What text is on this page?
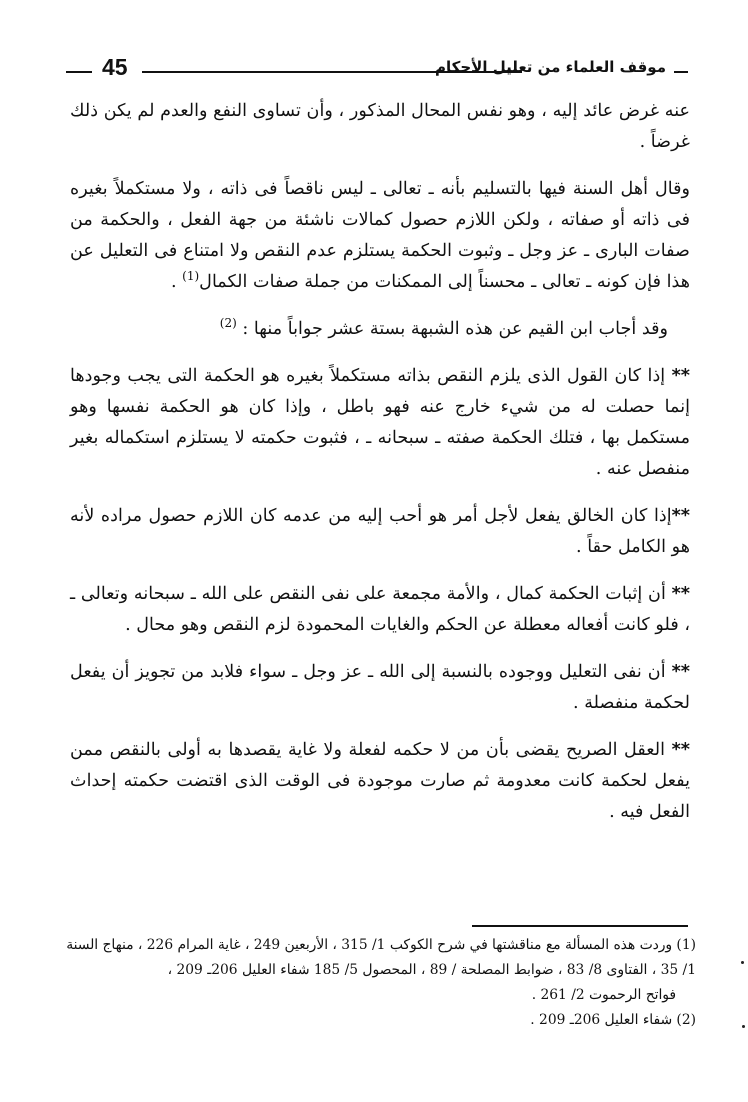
45	موقف العلماء من تعليل الأحكام

عنه غرض عائد إليه ، وهو نفس المحال المذكور ، وأن تساوى النفع والعدم لم يكن ذلك غرضاً .

وقال أهل السنة فيها بالتسليم بأنه ـ تعالى ـ ليس ناقصاً فى ذاته ، ولا مستكملاً بغيره فى ذاته أو صفاته ، ولكن اللازم حصول كمالات ناشئة من جهة الفعل ، والحكمة من صفات البارى ـ عز وجل ـ وثبوت الحكمة يستلزم عدم النقص ولا امتناع فى التعليل عن هذا فإن كونه ـ تعالى ـ محسناً إلى الممكنات من جملة صفات الكمال$^{(1)}$ .

وقد أجاب ابن القيم عن هذه الشبهة بستة عشر جواباً منها : $^{(2)}$

** إذا كان القول الذى يلزم النقص بذاته مستكملاً بغيره هو الحكمة التى يجب وجودها إنما حصلت له من شيء خارج عنه فهو باطل ، وإذا كان هو الحكمة نفسها وهو مستكمل بها ، فتلك الحكمة صفته ـ سبحانه ـ ، فثبوت حكمته لا يستلزم استكماله بغير منفصل عنه .

**إذا كان الخالق يفعل لأجل أمر هو أحب إليه من عدمه كان اللازم حصول مراده لأنه هو الكامل حقاً .

** أن إثبات الحكمة كمال ، والأمة مجمعة على نفى النقص على الله ـ سبحانه وتعالى ـ ، فلو كانت أفعاله معطلة عن الحكم والغايات المحمودة لزم النقص وهو محال .

** أن نفى التعليل ووجوده بالنسبة إلى الله ـ عز وجل ـ سواء فلابد من تجويز أن يفعل لحكمة منفصلة .

** العقل الصريح يقضى بأن من لا حكمه لفعلة ولا غاية يقصدها به أولى بالنقص ممن يفعل لحكمة كانت معدومة ثم صارت موجودة فى الوقت الذى اقتضت حكمته إحداث الفعل فيه .

(1) وردت هذه المسألة مع مناقشتها في شرح الكوكب 1/ 315 ، الأربعين 249 ، غاية المرام 226 ، منهاج السنة 1/ 35 ، الفتاوى 8/ 83 ، ضوابط المصلحة / 89 ، المحصول 5/ 185 شفاء العليل 206ـ 209 ،
فواتح الرحموت 2/ 261 .

(2) شفاء العليل 206ـ 209 .
